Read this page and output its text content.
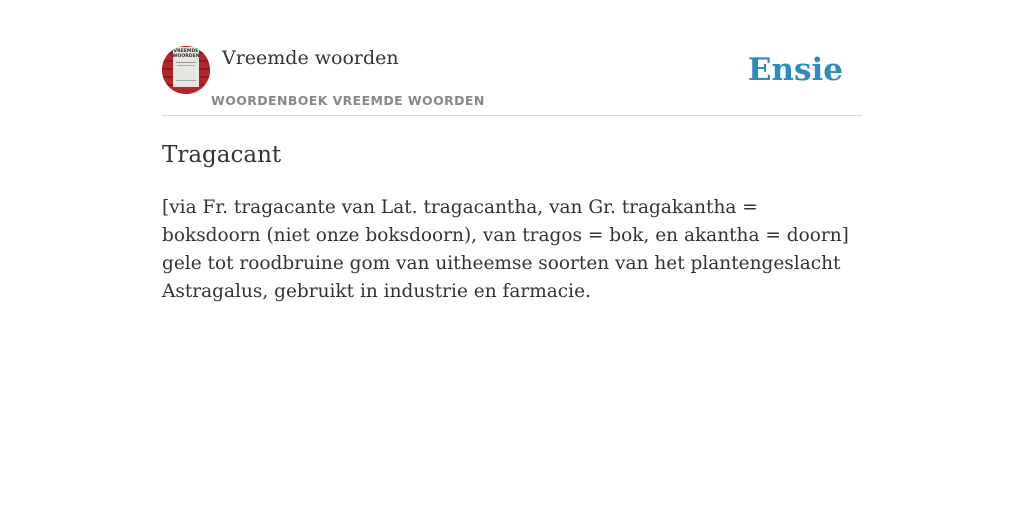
VREEMDE
WOORDEN Vreemde woorden
WOORDENBOEK VREEMDE WOORDEN
Ensie
Tragacant

[via Fr. tragacante van Lat. tragacantha, van Gr. tragakantha = boksdoorn (niet onze boksdoorn), van tragos = bok, en akantha = doorn] gele tot roodbruine gom van uitheemse soorten van het plantengeslacht Astragalus, gebruikt in industrie en farmacie.
